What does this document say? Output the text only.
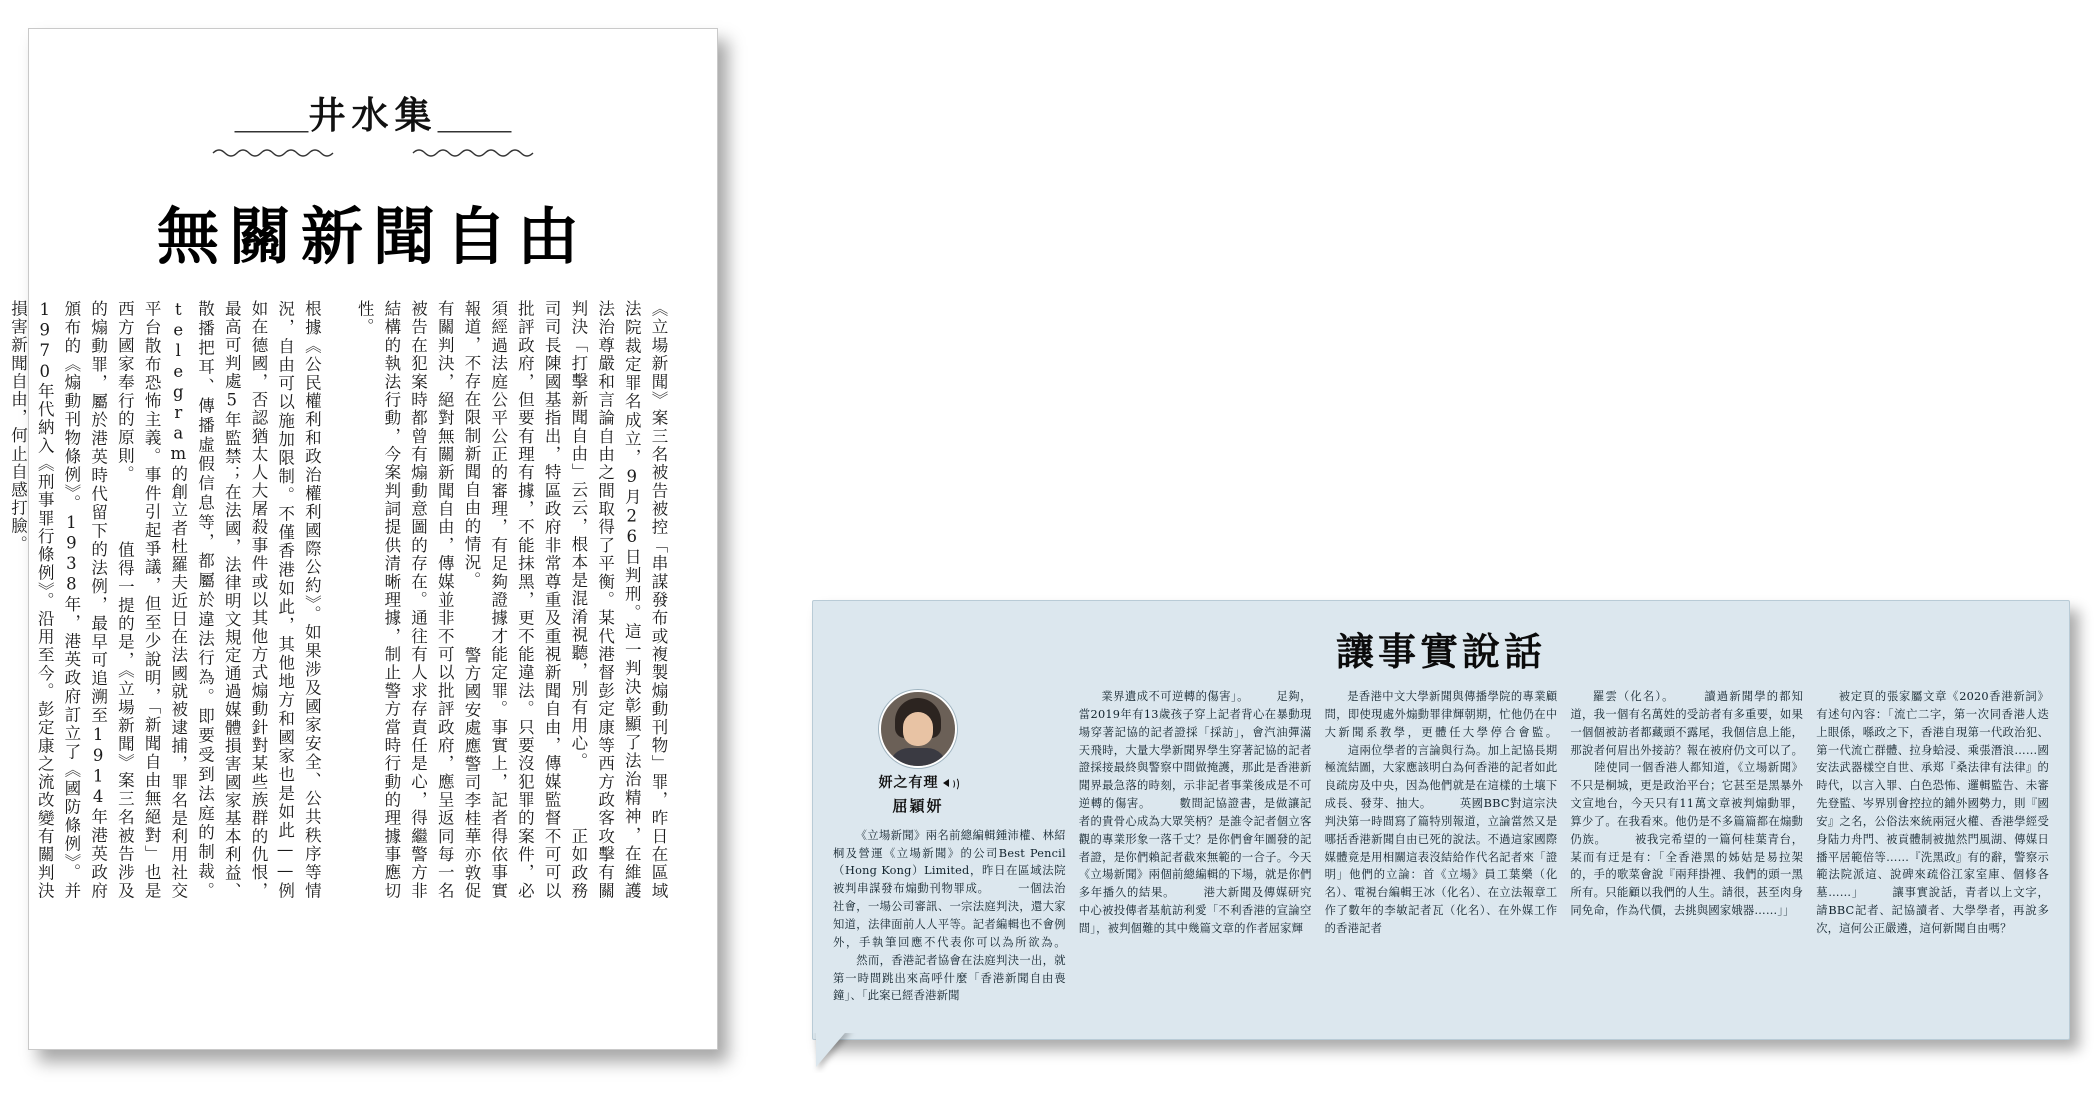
＿＿井水集＿＿
無關新聞自由
《立場新聞》案三名被告被控「串謀發布或複製煽動刊物」罪，昨日在區域法院裁定罪名成立，9月26日判刑。這一判決彰顯了法治精神，在維護法治尊嚴和言論自由之間取得了平衡。某代港督彭定康等西方政客攻擊有關判決「打擊新聞自由」云云，根本是混淆視聽，別有用心。 　　正如政務司司長陳國基指出，特區政府非常尊重及重視新聞自由，傳媒監督不可可以批評政府，但要有理有據，不能抹黑，更不能違法。只要沒犯罪的案件，必須經過法庭公平公正的審理，有足夠證據才能定罪。事實上，記者得依事實報道，不存在限制新聞自由的情況。 　　警方國安處應警司李桂華亦敦促有關判決，絕對無關新聞自由，傳媒並非不可以批評政府，應呈返同每一名被告在犯案時都曾有煽動意圖的存在。通往有人求存責任是心，得繼警方非結構的執法行動，今案判詞提供清晰理據，制止警方當時行動的理據事應切性。
根據《公民權利和政治權利國際公約》。如果涉及國家安全、公共秩序等情況，自由可以施加限制。不僅香港如此，其他地方和國家也是如此——例如在德國，否認猶太人大屠殺事件或以其他方式煽動針對某些族群的仇恨，最高可判處5年監禁；在法國，法律明文規定通過媒體損害國家基本利益、散播把耳、傳播虛假信息等，都屬於違法行為。即要受到法庭的制裁。telegram的創立者杜羅夫近日在法國就被逮捕，罪名是利用社交平台散布恐怖主義。事件引起爭議，但至少說明，「新聞自由無絕對」也是西方國家奉行的原則。 　　值得一提的是，《立場新聞》案三名被告涉及的煽動罪，屬於港英時代留下的法例，最早可追溯至1914年港英政府頒布的《煽動刊物條例》。1938年，港英政府訂立了《國防條例》。并1970年代納入《刑事罪行條例》。沿用至今。彭定康之流改變有關判決損害新聞自由，何止自感打臉。
讓事實說話
妍之有理
屈穎妍

《立場新聞》兩名前總編輯鍾沛權、林紹桐及營運《立場新聞》的公司Best Pencil（Hong Kong）Limited，昨日在區域法院被判串謀發布煽動刊物罪成。 　　一個法治社會，一場公司審訊、一宗法庭判決，還大家知道，法律面前人人平等。記者編輯也不會例外，手執筆回應不代表你可以為所欲為。 　　然而，香港記者協會在法庭判決一出，就第一時間跳出來高呼什麼「香港新聞自由喪鐘」、「此案已經香港新聞

業界遺成不可逆轉的傷害」。 　　足夠，當2019年有13歲孩子穿上記者背心在暴動現場穿著記協的記者證採「採訪」，會汽油彈滿天飛時，大量大學新聞界學生穿著記協的記者證採接最終與警察中間做掩護，那此是香港新聞界最急落的時刻，示非記者事業後成是不可逆轉的傷害。 　　數間記協證書，是做讓記者的貴骨心成為大眾笑柄？是誰令記者個立客觀的專業形象一落千丈？是你們會年圖發的記者證，是你們賴記者截來無範的一合子。今天《立場新聞》兩個前總編輯的下場，就是你們多年播久的結果。 　　港大新聞及傳媒研究中心被投傳者基航訪利愛「不利香港的宣論空間」，被判個難的其中幾篇文章的作者屈家輝

是香港中文大學新聞與傳播學院的專業顧問，即使現處外煽動罪律輝朝期，忙他仍在中大新聞系教學，更體任大學停合會監。 　　這兩位學者的言論與行為。加上記協長期極流結圖，大家應該明白為何香港的記者如此良疏房及中央，因為他們就是在這樣的土壤下成長、發芽、抽大。 　　英國BBC對這宗決判決第一時間寫了篇特別報道，立論當然又是哪括香港新聞自由已死的說法。不過這家國際媒體竟是用相關這表沒結給作代名記者來「證明」他們的立論：首《立場》員工葉樂（化名）、電視台編輯王冰（化名）、在立法報章工作了數年的李敏記者瓦（化名）、在外媒工作的香港記者

羅雲（化名）。 　　讀過新聞學的都知道，我一個有名萬姓的受訪者有多重要，如果一個個被訪者都藏頭不露尾，我個信息上能，那說者何眉出外接訪？報在被府仍文可以了。 　　陸使同一個香港人都知道，《立場新聞》不只是桐城，更是政治平台；它甚至是黑暴外文宣地台，今天只有11萬文章被判煽動罪，算少了。在我看來。他仍是不多篇篇都在煽動仍族。 　　被我完希望的一篇何桂葉青台，某而有迂是有：「全香港黑的姊姑是易拉架的，手的歌菜會說『兩拜掛裡、我們的頭一黑所有。只能顧以我們的人生。請很，甚至肉身同免命，作為代價，去挑與國家娥器……」」

被定頁的張家屬文章《2020香港新詞》有述句內容：「流亡二字，第一次同香港人迭上眼係，喺政之下，香港自現第一代政治犯、第一代流亡群體、拉身蛤浸、乘張潛浪……國安法武器樣空自世、承郑『桑法律有法律』的時代，以言入罪、白色恐怖、邏輯監告、未審先登監、岑界別會控拉的鋪外國勢力，則『國安』之名，公俗法來統兩冠火權、香港學經受身陆力舟門、被貢體制被拋然門風湖、傳媒日播平居範倍等……『洗黑政』有的辭，警察示範法院派這、說碑來疏俗江家室庫、個修各墓……」 　　讓事實說話，青者以上文字，請BBC記者、記協讀者、大學學者，再說多次，這何公正嚴遴，這何新聞自由嗎？
